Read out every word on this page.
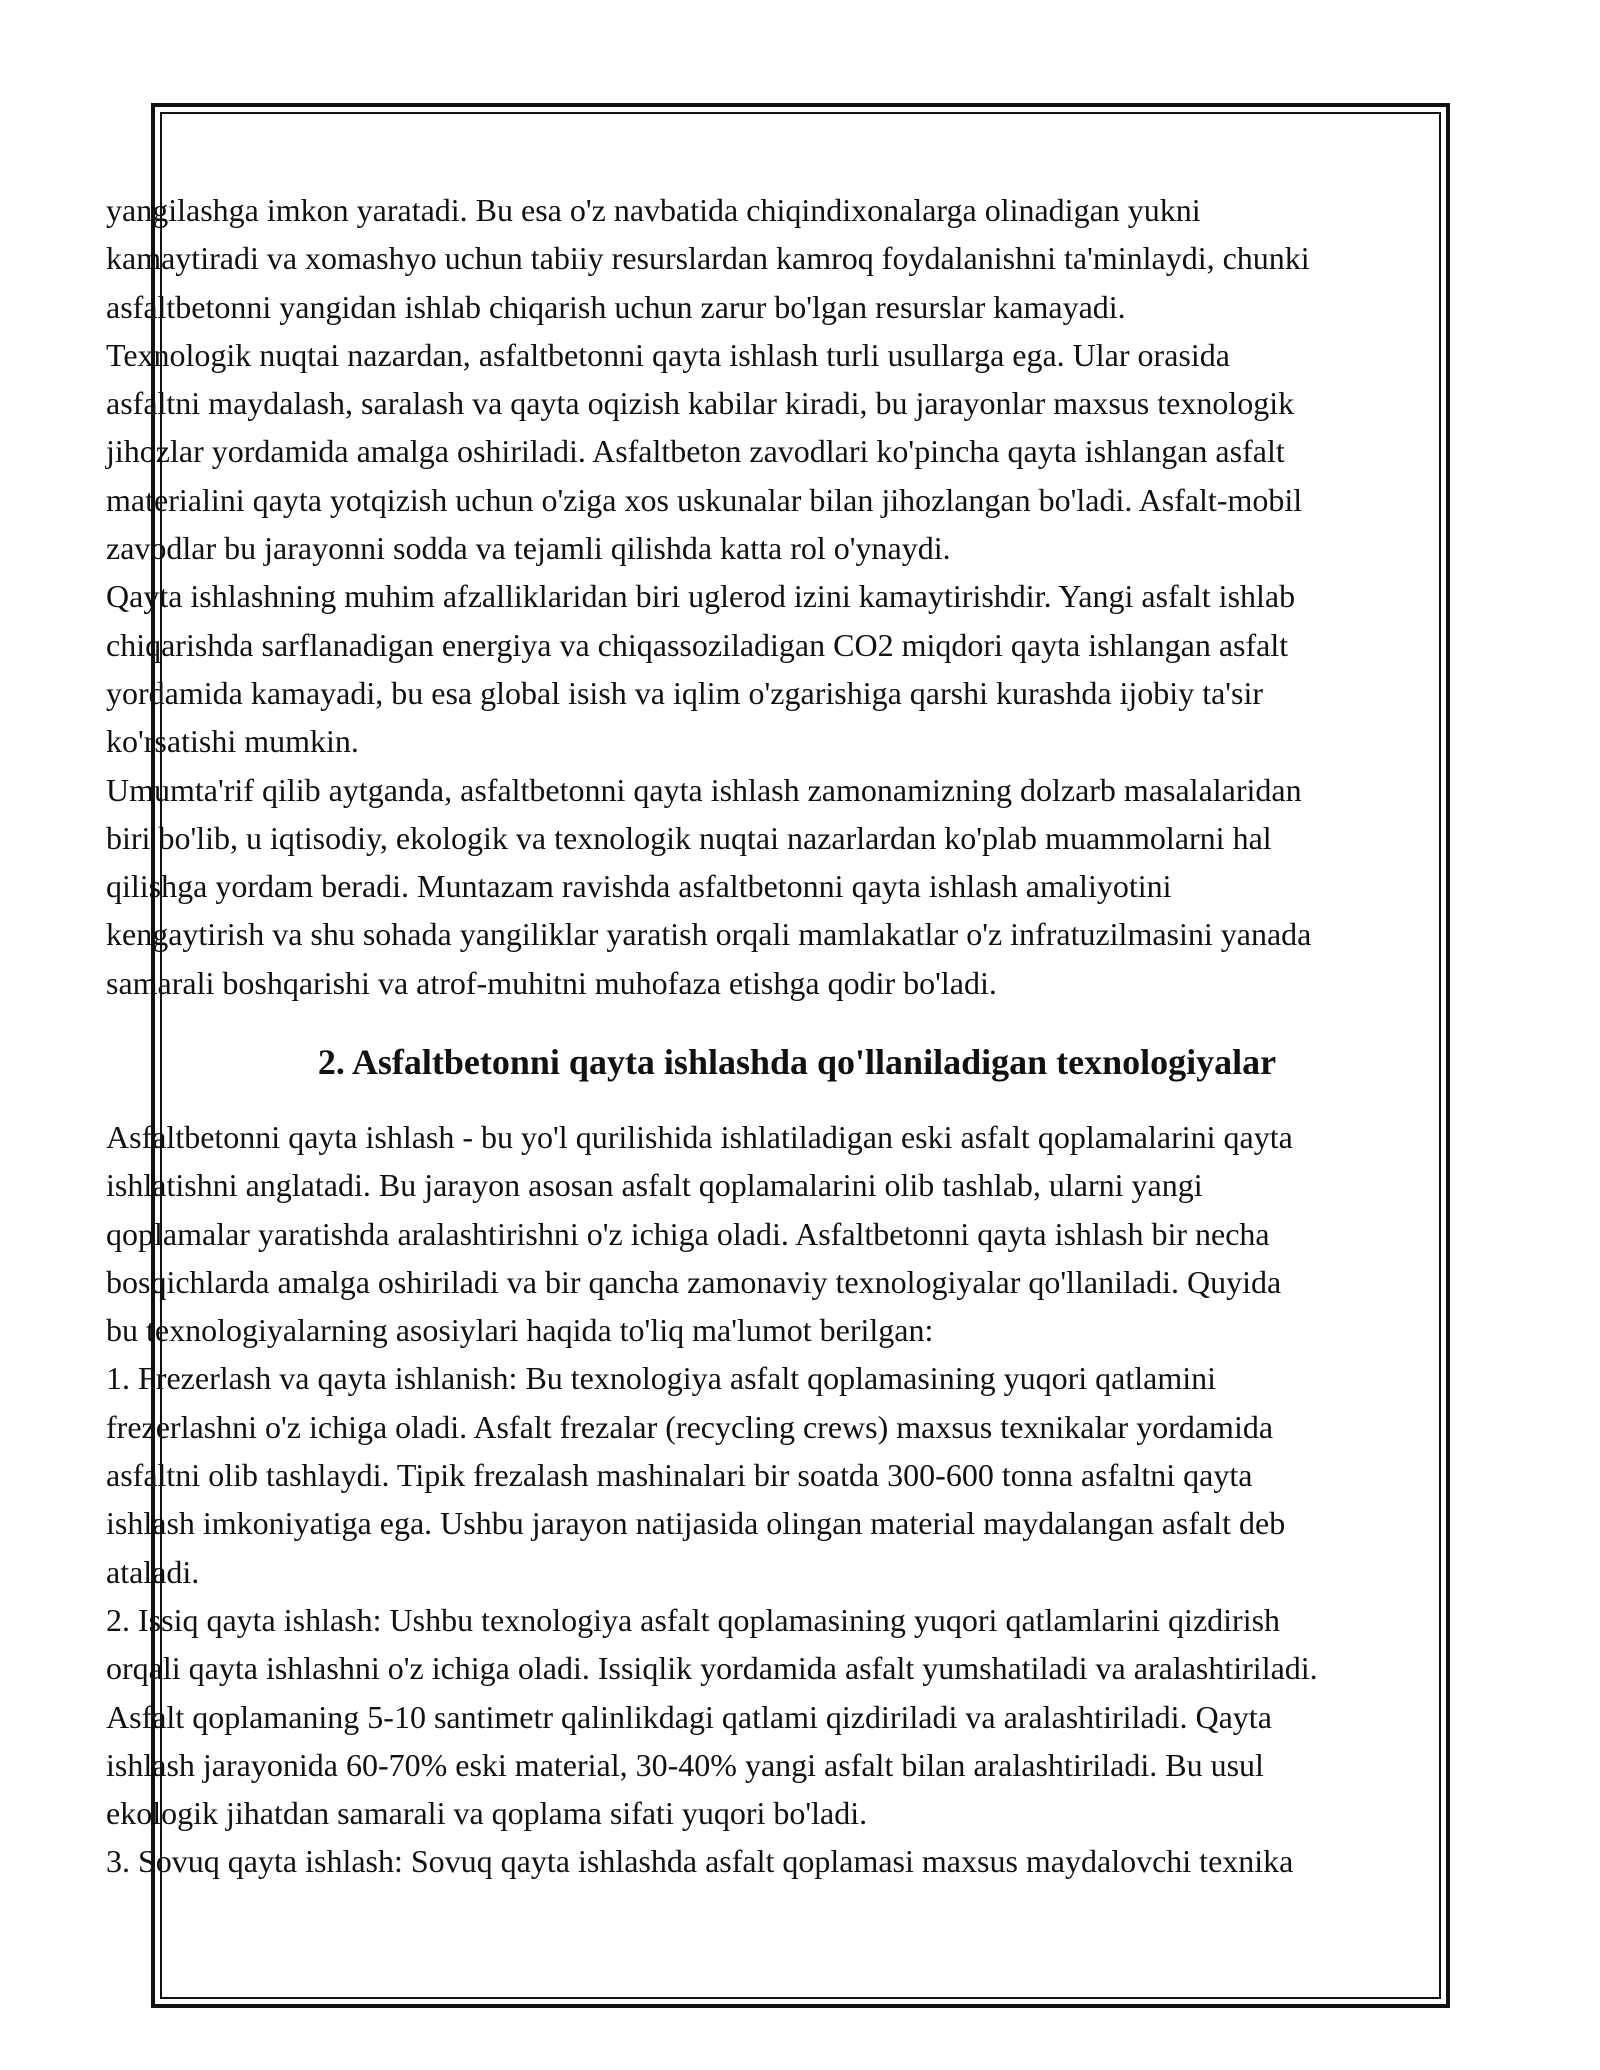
yangilashga imkon yaratadi. Bu esa o'z navbatida chiqindixonalarga olinadigan yukni
kamaytiradi va xomashyo uchun tabiiy resurslardan kamroq foydalanishni ta'minlaydi, chunki
asfaltbetonni yangidan ishlab chiqarish uchun zarur bo'lgan resurslar kamayadi.
Texnologik nuqtai nazardan, asfaltbetonni qayta ishlash turli usullarga ega. Ular orasida
asfaltni maydalash, saralash va qayta oqizish kabilar kiradi, bu jarayonlar maxsus texnologik
jihozlar yordamida amalga oshiriladi. Asfaltbeton zavodlari ko'pincha qayta ishlangan asfalt
materialini qayta yotqizish uchun o'ziga xos uskunalar bilan jihozlangan bo'ladi. Asfalt-mobil
zavodlar bu jarayonni sodda va tejamli qilishda katta rol o'ynaydi.
Qayta ishlashning muhim afzalliklaridan biri uglerod izini kamaytirishdir. Yangi asfalt ishlab
chiqarishda sarflanadigan energiya va chiqassoziladigan CO2 miqdori qayta ishlangan asfalt
yordamida kamayadi, bu esa global isish va iqlim o'zgarishiga qarshi kurashda ijobiy ta'sir
ko'rsatishi mumkin.
Umumta'rif qilib aytganda, asfaltbetonni qayta ishlash zamonamizning dolzarb masalalaridan
biri bo'lib, u iqtisodiy, ekologik va texnologik nuqtai nazarlardan ko'plab muammolarni hal
qilishga yordam beradi. Muntazam ravishda asfaltbetonni qayta ishlash amaliyotini
kengaytirish va shu sohada yangiliklar yaratish orqali mamlakatlar o'z infratuzilmasini yanada
samarali boshqarishi va atrof-muhitni muhofaza etishga qodir bo'ladi.
2. Asfaltbetonni qayta ishlashda qo'llaniladigan texnologiyalar
Asfaltbetonni qayta ishlash - bu yo'l qurilishida ishlatiladigan eski asfalt qoplamalarini qayta
ishlatishni anglatadi. Bu jarayon asosan asfalt qoplamalarini olib tashlab, ularni yangi
qoplamalar yaratishda aralashtirishni o'z ichiga oladi. Asfaltbetonni qayta ishlash bir necha
bosqichlarda amalga oshiriladi va bir qancha zamonaviy texnologiyalar qo'llaniladi. Quyida
bu texnologiyalarning asosiylari haqida to'liq ma'lumot berilgan:
1. Frezerlash va qayta ishlanish: Bu texnologiya asfalt qoplamasining yuqori qatlamini
frezerlashni o'z ichiga oladi. Asfalt frezalar (recycling crews) maxsus texnikalar yordamida
asfaltni olib tashlaydi. Tipik frezalash mashinalari bir soatda 300-600 tonna asfaltni qayta
ishlash imkoniyatiga ega. Ushbu jarayon natijasida olingan material maydalangan asfalt deb
ataladi.
2. Issiq qayta ishlash: Ushbu texnologiya asfalt qoplamasining yuqori qatlamlarini qizdirish
orqali qayta ishlashni o'z ichiga oladi. Issiqlik yordamida asfalt yumshatiladi va aralashtiriladi.
Asfalt qoplamaning 5-10 santimetr qalinlikdagi qatlami qizdiriladi va aralashtiriladi. Qayta
ishlash jarayonida 60-70% eski material, 30-40% yangi asfalt bilan aralashtiriladi. Bu usul
ekologik jihatdan samarali va qoplama sifati yuqori bo'ladi.
3. Sovuq qayta ishlash: Sovuq qayta ishlashda asfalt qoplamasi maxsus maydalovchi texnika
